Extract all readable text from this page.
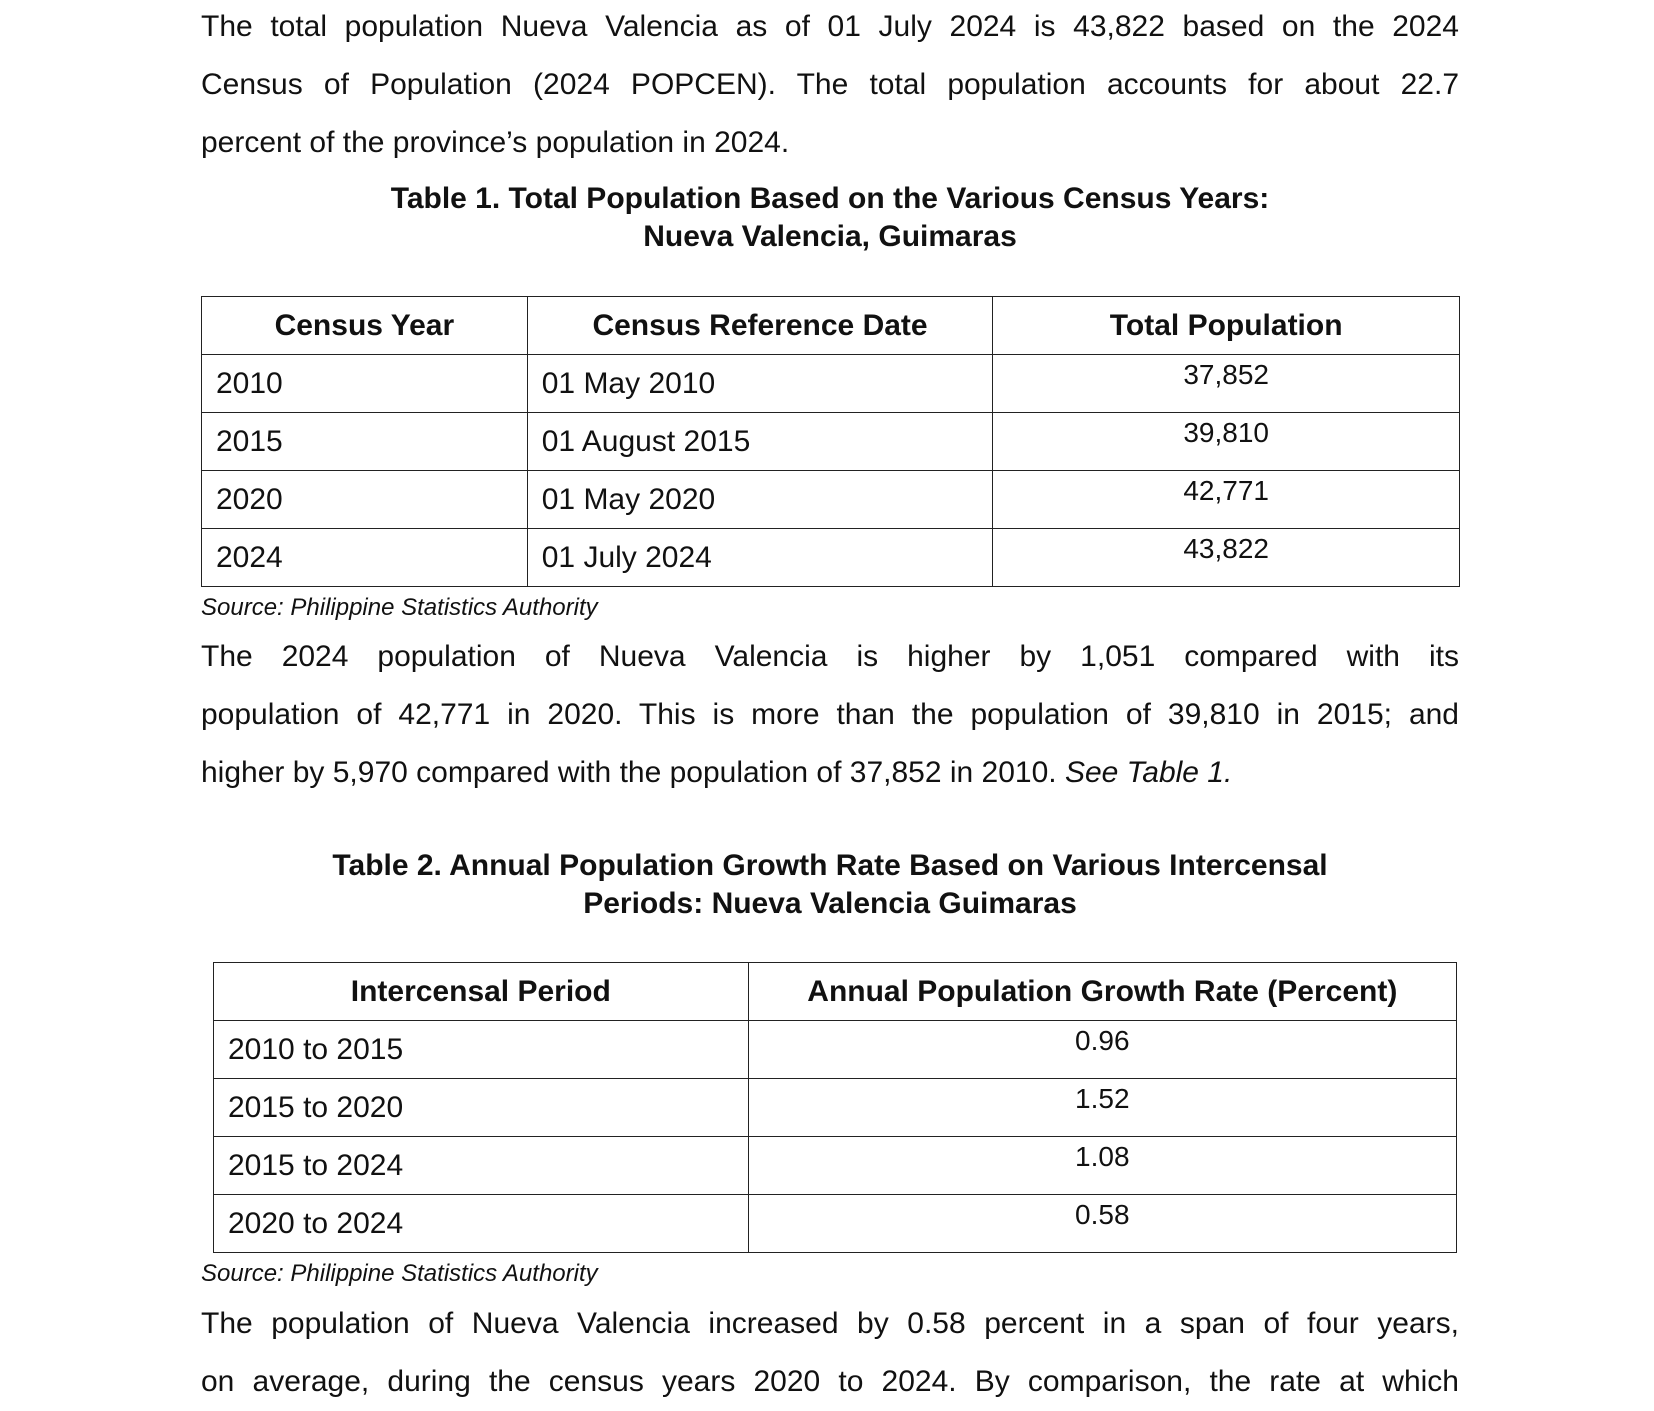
The total population Nueva Valencia as of 01 July 2024 is 43,822 based on the 2024
Census of Population (2024 POPCEN). The total population accounts for about 22.7
percent of the province’s population in 2024.

Table 1. Total Population Based on the Various Census Years:
Nueva Valencia, Guimaras

Census Year	Census Reference Date	Total Population
2010	01 May 2010	37,852
2015	01 August 2015	39,810
2020	01 May 2020	42,771
2024	01 July 2024	43,822

Source: Philippine Statistics Authority

The 2024 population of Nueva Valencia is higher by 1,051 compared with its
population of 42,771 in 2020. This is more than the population of 39,810 in 2015; and
higher by 5,970 compared with the population of 37,852 in 2010. See Table 1.

Table 2. Annual Population Growth Rate Based on Various Intercensal
Periods: Nueva Valencia Guimaras

Intercensal Period	Annual Population Growth Rate (Percent)
2010 to 2015	0.96
2015 to 2020	1.52
2015 to 2024	1.08
2020 to 2024	0.58

Source: Philippine Statistics Authority

The population of Nueva Valencia increased by 0.58 percent in a span of four years,
on average, during the census years 2020 to 2024. By comparison, the rate at which
